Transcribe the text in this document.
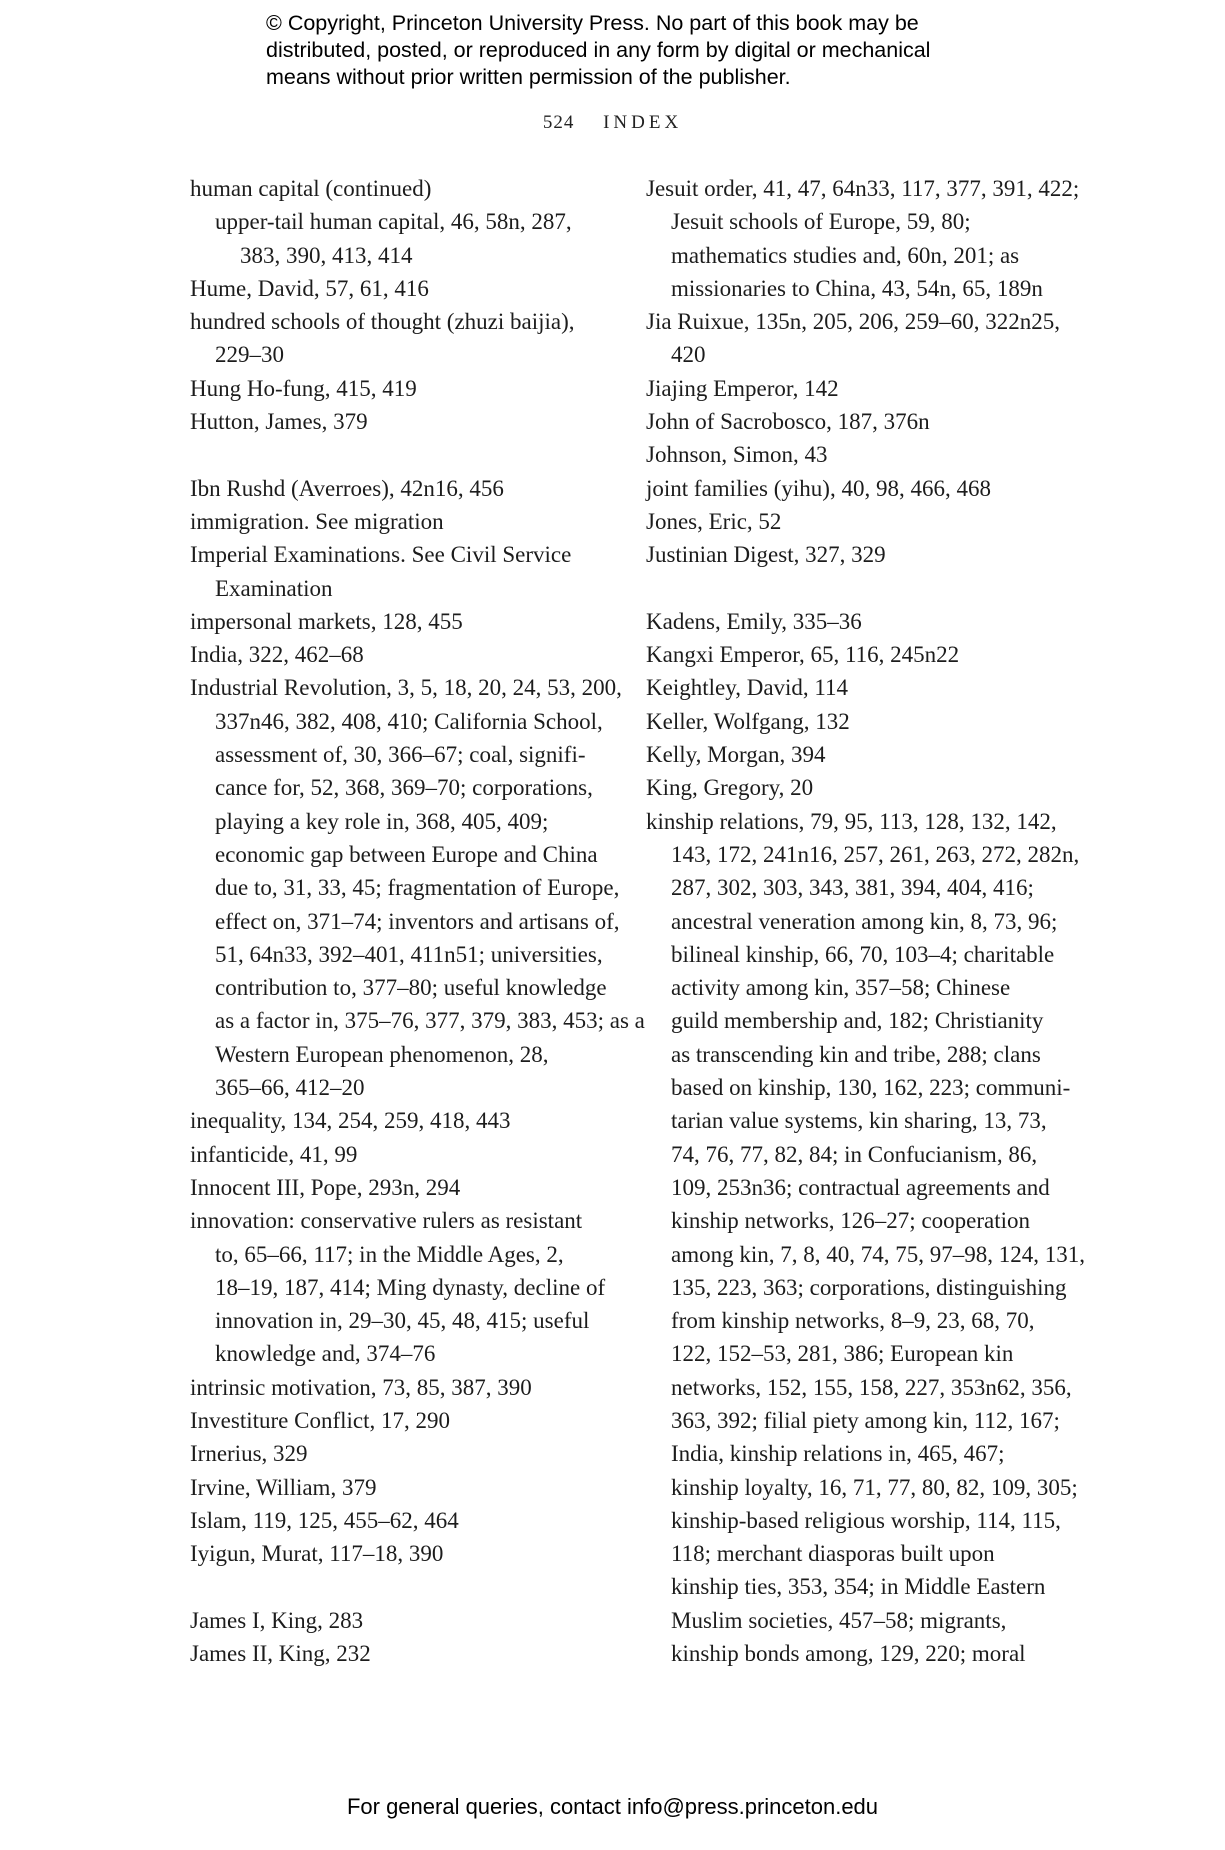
© Copyright, Princeton University Press. No part of this book may be
distributed, posted, or reproduced in any form by digital or mechanical
means without prior written permission of the publisher.
524 INDEX
human capital (continued)
upper-tail human capital, 46, 58n, 287,
383, 390, 413, 414
Hume, David, 57, 61, 416
hundred schools of thought (zhuzi baijia),
229–30
Hung Ho-fung, 415, 419
Hutton, James, 379
Ibn Rushd (Averroes), 42n16, 456
immigration. See migration
Imperial Examinations. See Civil Service
Examination
impersonal markets, 128, 455
India, 322, 462–68
Industrial Revolution, 3, 5, 18, 20, 24, 53, 200,
337n46, 382, 408, 410; California School,
assessment of, 30, 366–67; coal, signifi-
cance for, 52, 368, 369–70; corporations,
playing a key role in, 368, 405, 409;
economic gap between Europe and China
due to, 31, 33, 45; fragmentation of Europe,
effect on, 371–74; inventors and artisans of,
51, 64n33, 392–401, 411n51; universities,
contribution to, 377–80; useful knowledge
as a factor in, 375–76, 377, 379, 383, 453; as a
Western European phenomenon, 28,
365–66, 412–20
inequality, 134, 254, 259, 418, 443
infanticide, 41, 99
Innocent III, Pope, 293n, 294
innovation: conservative rulers as resistant
to, 65–66, 117; in the Middle Ages, 2,
18–19, 187, 414; Ming dynasty, decline of
innovation in, 29–30, 45, 48, 415; useful
knowledge and, 374–76
intrinsic motivation, 73, 85, 387, 390
Investiture Conflict, 17, 290
Irnerius, 329
Irvine, William, 379
Islam, 119, 125, 455–62, 464
Iyigun, Murat, 117–18, 390
James I, King, 283
James II, King, 232
Jesuit order, 41, 47, 64n33, 117, 377, 391, 422;
Jesuit schools of Europe, 59, 80;
mathematics studies and, 60n, 201; as
missionaries to China, 43, 54n, 65, 189n
Jia Ruixue, 135n, 205, 206, 259–60, 322n25,
420
Jiajing Emperor, 142
John of Sacrobosco, 187, 376n
Johnson, Simon, 43
joint families (yihu), 40, 98, 466, 468
Jones, Eric, 52
Justinian Digest, 327, 329
Kadens, Emily, 335–36
Kangxi Emperor, 65, 116, 245n22
Keightley, David, 114
Keller, Wolfgang, 132
Kelly, Morgan, 394
King, Gregory, 20
kinship relations, 79, 95, 113, 128, 132, 142,
143, 172, 241n16, 257, 261, 263, 272, 282n,
287, 302, 303, 343, 381, 394, 404, 416;
ancestral veneration among kin, 8, 73, 96;
bilineal kinship, 66, 70, 103–4; charitable
activity among kin, 357–58; Chinese
guild membership and, 182; Christianity
as transcending kin and tribe, 288; clans
based on kinship, 130, 162, 223; communi-
tarian value systems, kin sharing, 13, 73,
74, 76, 77, 82, 84; in Confucianism, 86,
109, 253n36; contractual agreements and
kinship networks, 126–27; cooperation
among kin, 7, 8, 40, 74, 75, 97–98, 124, 131,
135, 223, 363; corporations, distinguishing
from kinship networks, 8–9, 23, 68, 70,
122, 152–53, 281, 386; European kin
networks, 152, 155, 158, 227, 353n62, 356,
363, 392; filial piety among kin, 112, 167;
India, kinship relations in, 465, 467;
kinship loyalty, 16, 71, 77, 80, 82, 109, 305;
kinship-based religious worship, 114, 115,
118; merchant diasporas built upon
kinship ties, 353, 354; in Middle Eastern
Muslim societies, 457–58; migrants,
kinship bonds among, 129, 220; moral
For general queries, contact info@press.princeton.edu
